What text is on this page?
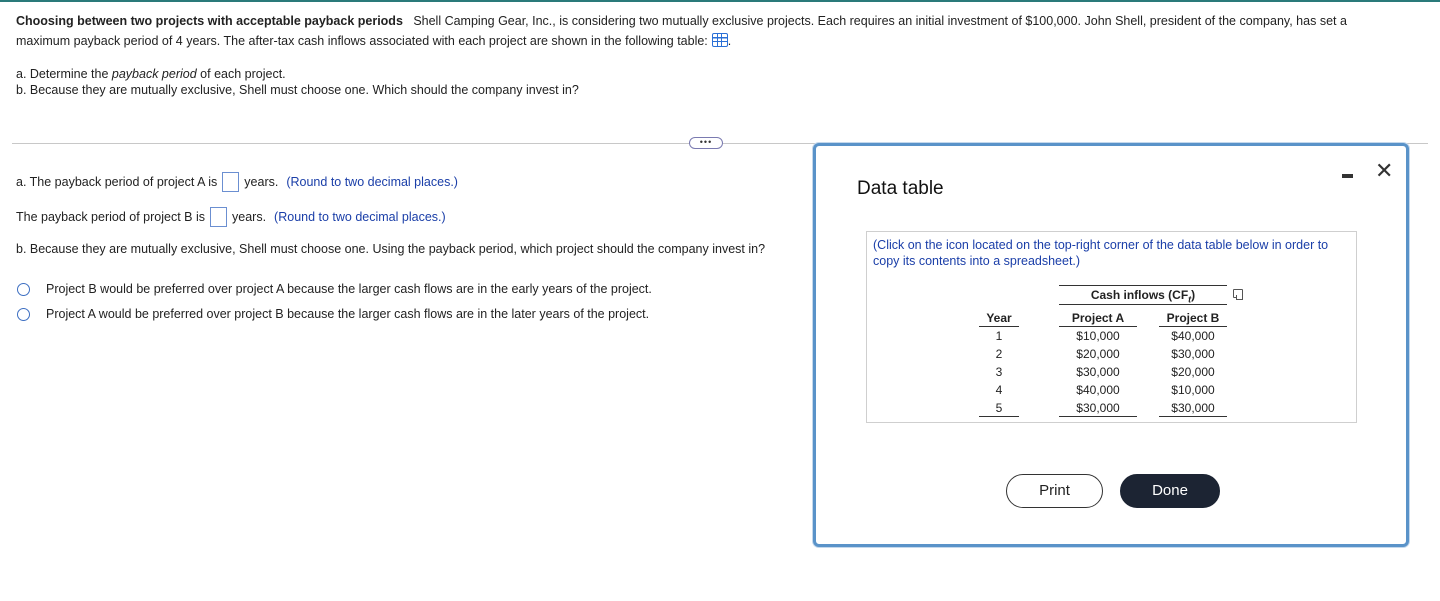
Choosing between two projects with acceptable payback periods Shell Camping Gear, Inc., is considering two mutually exclusive projects. Each requires an initial investment of $100,000. John Shell, president of the company, has set a
maximum payback period of 4 years. The after-tax cash inflows associated with each project are shown in the following table: .
a. Determine the payback period of each project.
b. Because they are mutually exclusive, Shell must choose one. Which should the company invest in?
•••
a. The payback period of project A is years. (Round to two decimal places.)
The payback period of project B is years. (Round to two decimal places.)
b. Because they are mutually exclusive, Shell must choose one. Using the payback period, which project should the company invest in?
Project B would be preferred over project A because the larger cash flows are in the early years of the project.
Project A would be preferred over project B because the larger cash flows are in the later years of the project.
Data table
✕
(Click on the icon located on the top-right corner of the data table below in order to copy its contents into a spreadsheet.)
Cash inflows $(CF_t)$
Year
1
2
3
4
5
Project A
$10,000
$20,000
$30,000
$40,000
$30,000
Project B
$40,000
$30,000
$20,000
$10,000
$30,000
Print	Done
